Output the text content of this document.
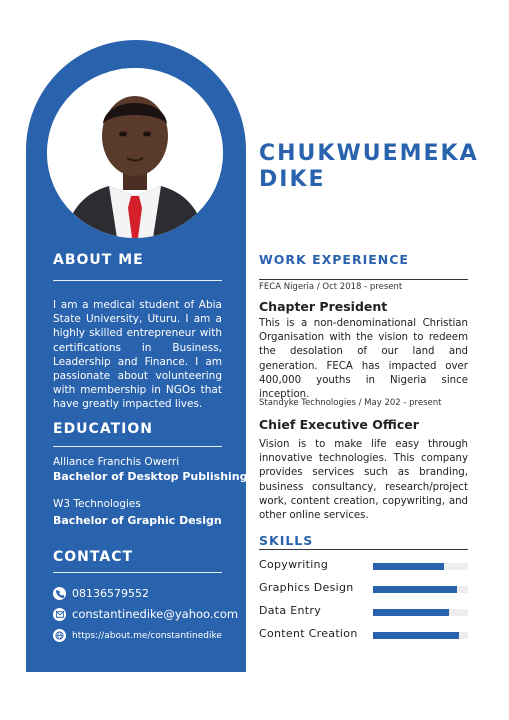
ABOUT ME

I am a medical student of Abia State University, Uturu. I am a highly skilled entrepreneur with certifications in Business, Leadership and Finance. I am passionate about volunteering with membership in NGOs that have greatly impacted lives.

EDUCATION
Alliance Franchis Owerri
Bachelor of Desktop Publishing
W3 Technologies
Bachelor of Graphic Design
CONTACT
08136579552
constantinedike@yahoo.com
https://about.me/constantinedike
CHUKWUEMEKA
DIKE
WORK EXPERIENCE
FECA Nigeria / Oct 2018 - present
Chapter President

This is a non-denominational Christian Organisation with the vision to redeem the desolation of our land and generation. FECA has impacted over 400,000 youths in Nigeria since inception.

Standyke Technologies / May 202 - present
Chief Executive Officer

Vision is to make life easy through innovative technologies. This company provides services such as branding, business consultancy, research/project work, content creation, copywriting, and other online services.

SKILLS
Copywriting
Graphics Design
Data Entry
Content Creation
